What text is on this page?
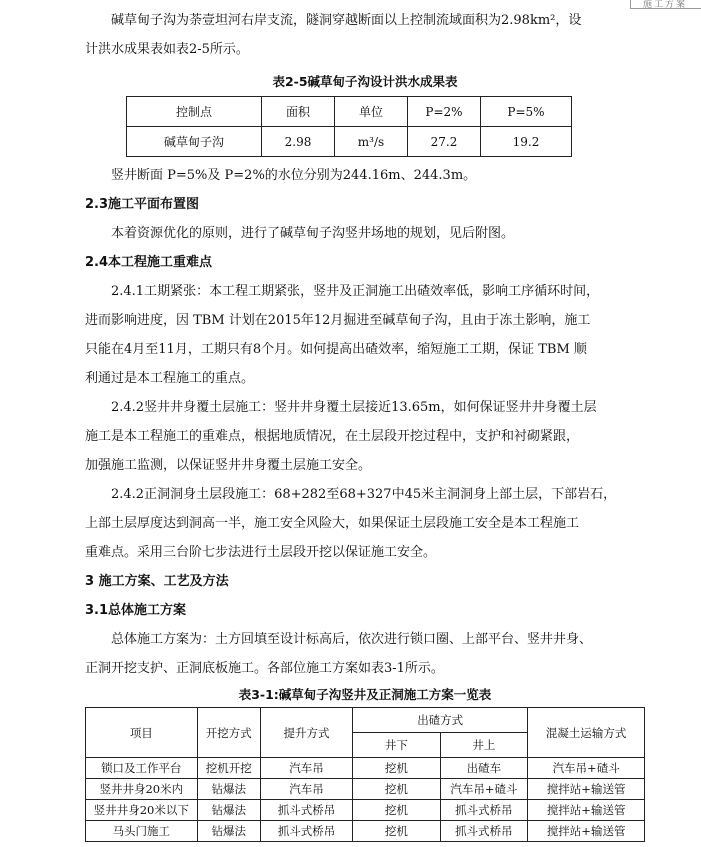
施工方案

碱草甸子沟为荼壹坦河右岸支流，隧洞穿越断面以上控制流域面积为2.98km²，设

计洪水成果表如表2-5所示。

表2-5碱草甸子沟设计洪水成果表

控制点	面积	单位	P=2%	P=5%
碱草甸子沟	2.98	m³/s	27.2	19.2

竖井断面 P=5%及 P=2%的水位分别为244.16m、244.3m。

2.3施工平面布置图

本着资源优化的原则，进行了碱草甸子沟竖井场地的规划，见后附图。

2.4本工程施工重难点

2.4.1工期紧张：本工程工期紧张，竖井及正洞施工出碴效率低，影响工序循环时间，

进而影响进度，因 TBM 计划在2015年12月掘进至碱草甸子沟，且由于冻土影响，施工

只能在4月至11月，工期只有8个月。如何提高出碴效率，缩短施工工期，保证 TBM 顺

利通过是本工程施工的重点。

2.4.2竖井井身覆土层施工：竖井井身覆土层接近13.65m，如何保证竖井井身覆土层

施工是本工程施工的重难点，根据地质情况，在土层段开挖过程中，支护和衬砌紧跟，

加强施工监测，以保证竖井井身覆土层施工安全。

2.4.2正洞洞身土层段施工：68+282至68+327中45米主洞洞身上部土层，下部岩石，

上部土层厚度达到洞高一半，施工安全风险大，如果保证土层段施工安全是本工程施工

重难点。采用三台阶七步法进行土层段开挖以保证施工安全。

3 施工方案、工艺及方法

3.1总体施工方案

总体施工方案为：土方回填至设计标高后，依次进行锁口圈、上部平台、竖井井身、

正洞开挖支护、正洞底板施工。各部位施工方案如表3-1所示。

表3-1:碱草甸子沟竖井及正洞施工方案一览表

项目	开挖方式	提升方式	出碴方式		混凝土运输方式
			井下	井上	
锁口及工作平台	挖机开挖	汽车吊	挖机	出碴车	汽车吊+碴斗
竖井井身20米内	钻爆法	汽车吊	挖机	汽车吊+碴斗	搅拌站+输送管
竖井井身20米以下	钻爆法	抓斗式桥吊	挖机	抓斗式桥吊	搅拌站+输送管
马头门施工	钻爆法	抓斗式桥吊	挖机	抓斗式桥吊	搅拌站+输送管
